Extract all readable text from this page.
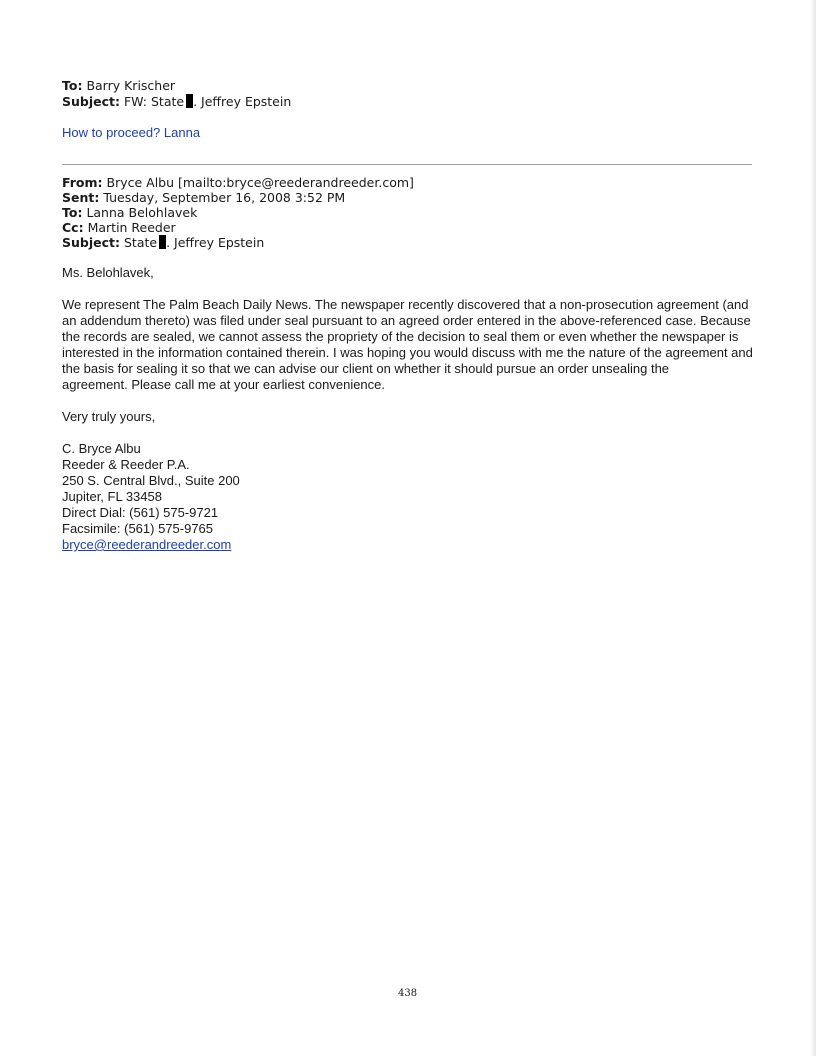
To: Barry Krischer
Subject: FW: State . Jeffrey Epstein
How to proceed? Lanna
From: Bryce Albu [mailto:bryce@reederandreeder.com]
Sent: Tuesday, September 16, 2008 3:52 PM
To: Lanna Belohlavek
Cc: Martin Reeder
Subject: State . Jeffrey Epstein
Ms. Belohlavek,
We represent The Palm Beach Daily News. The newspaper recently discovered that a non-prosecution agreement (and
an addendum thereto) was filed under seal pursuant to an agreed order entered in the above-referenced case. Because
the records are sealed, we cannot assess the propriety of the decision to seal them or even whether the newspaper is
interested in the information contained therein. I was hoping you would discuss with me the nature of the agreement and
the basis for sealing it so that we can advise our client on whether it should pursue an order unsealing the
agreement. Please call me at your earliest convenience.
Very truly yours,
C. Bryce Albu
Reeder & Reeder P.A.
250 S. Central Blvd., Suite 200
Jupiter, FL 33458
Direct Dial: (561) 575-9721
Facsimile: (561) 575-9765
bryce@reederandreeder.com
438
